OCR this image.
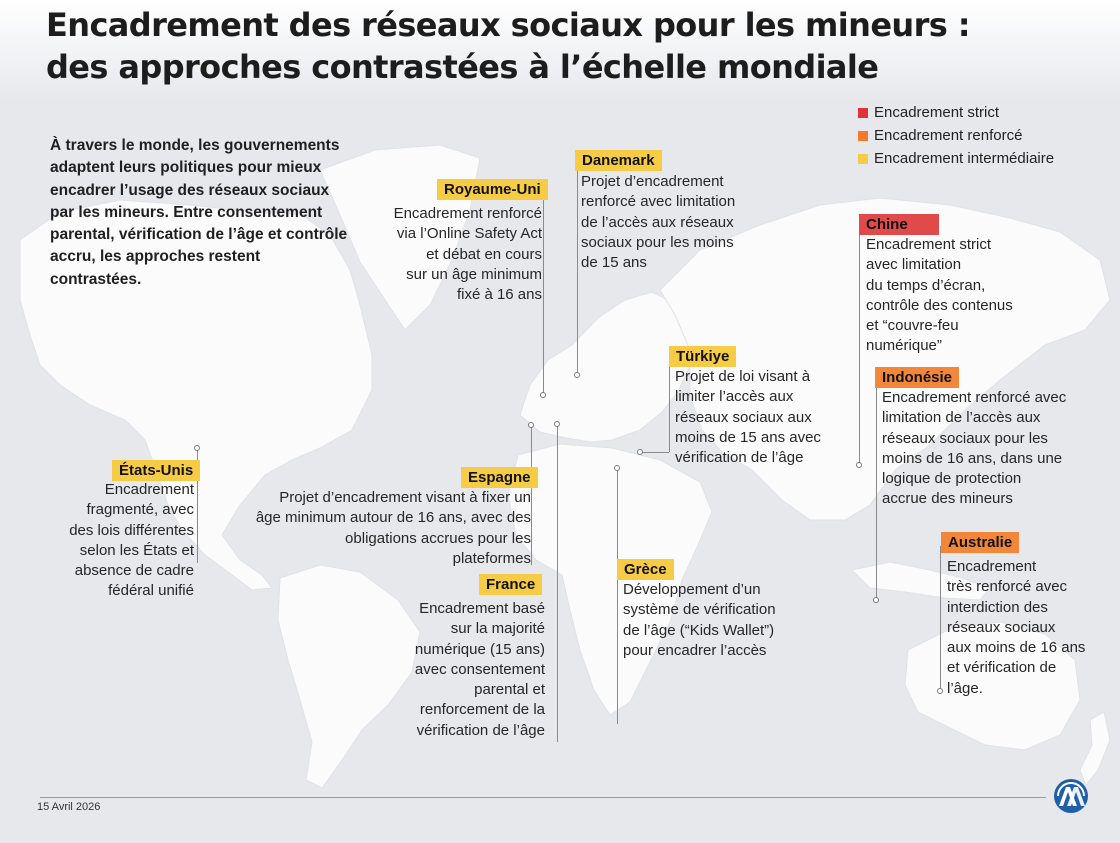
Encadrement des réseaux sociaux pour les mineurs :
des approches contrastées à l’échelle mondiale
À travers le monde, les gouvernements adaptent leurs politiques pour mieux encadrer l’usage des réseaux sociaux par les mineurs. Entre consentement parental, vérification de l’âge et contrôle accru, les approches restent contrastées.
Encadrement strict
Encadrement renforcé
Encadrement intermédiaire
Royaume-Uni
Encadrement renforcé
via l’Online Safety Act
et débat en cours
sur un âge minimum
fixé à 16 ans
Danemark
Projet d’encadrement
renforcé avec limitation
de l’accès aux réseaux
sociaux pour les moins
de 15 ans
Chine
Encadrement strict
avec limitation
du temps d’écran,
contrôle des contenus
et “couvre-feu
numérique”
Türkiye
Projet de loi visant à
limiter l’accès aux
réseaux sociaux aux
moins de 15 ans avec
vérification de l’âge
Indonésie
Encadrement renforcé avec
limitation de l’accès aux
réseaux sociaux pour les
moins de 16 ans, dans une
logique de protection
accrue des mineurs
États-Unis
Encadrement
fragmenté, avec
des lois différentes
selon les États et
absence de cadre
fédéral unifié
Espagne
Projet d’encadrement visant à fixer un
âge minimum autour de 16 ans, avec des
obligations accrues pour les
plateformes
France
Encadrement basé
sur la majorité
numérique (15 ans)
avec consentement
parental et
renforcement de la
vérification de l’âge
Grèce
Développement d’un
système de vérification
de l’âge (“Kids Wallet”)
pour encadrer l’accès
Australie
Encadrement
très renforcé avec
interdiction des
réseaux sociaux
aux moins de 16 ans
et vérification de
l’âge.
15 Avril 2026
